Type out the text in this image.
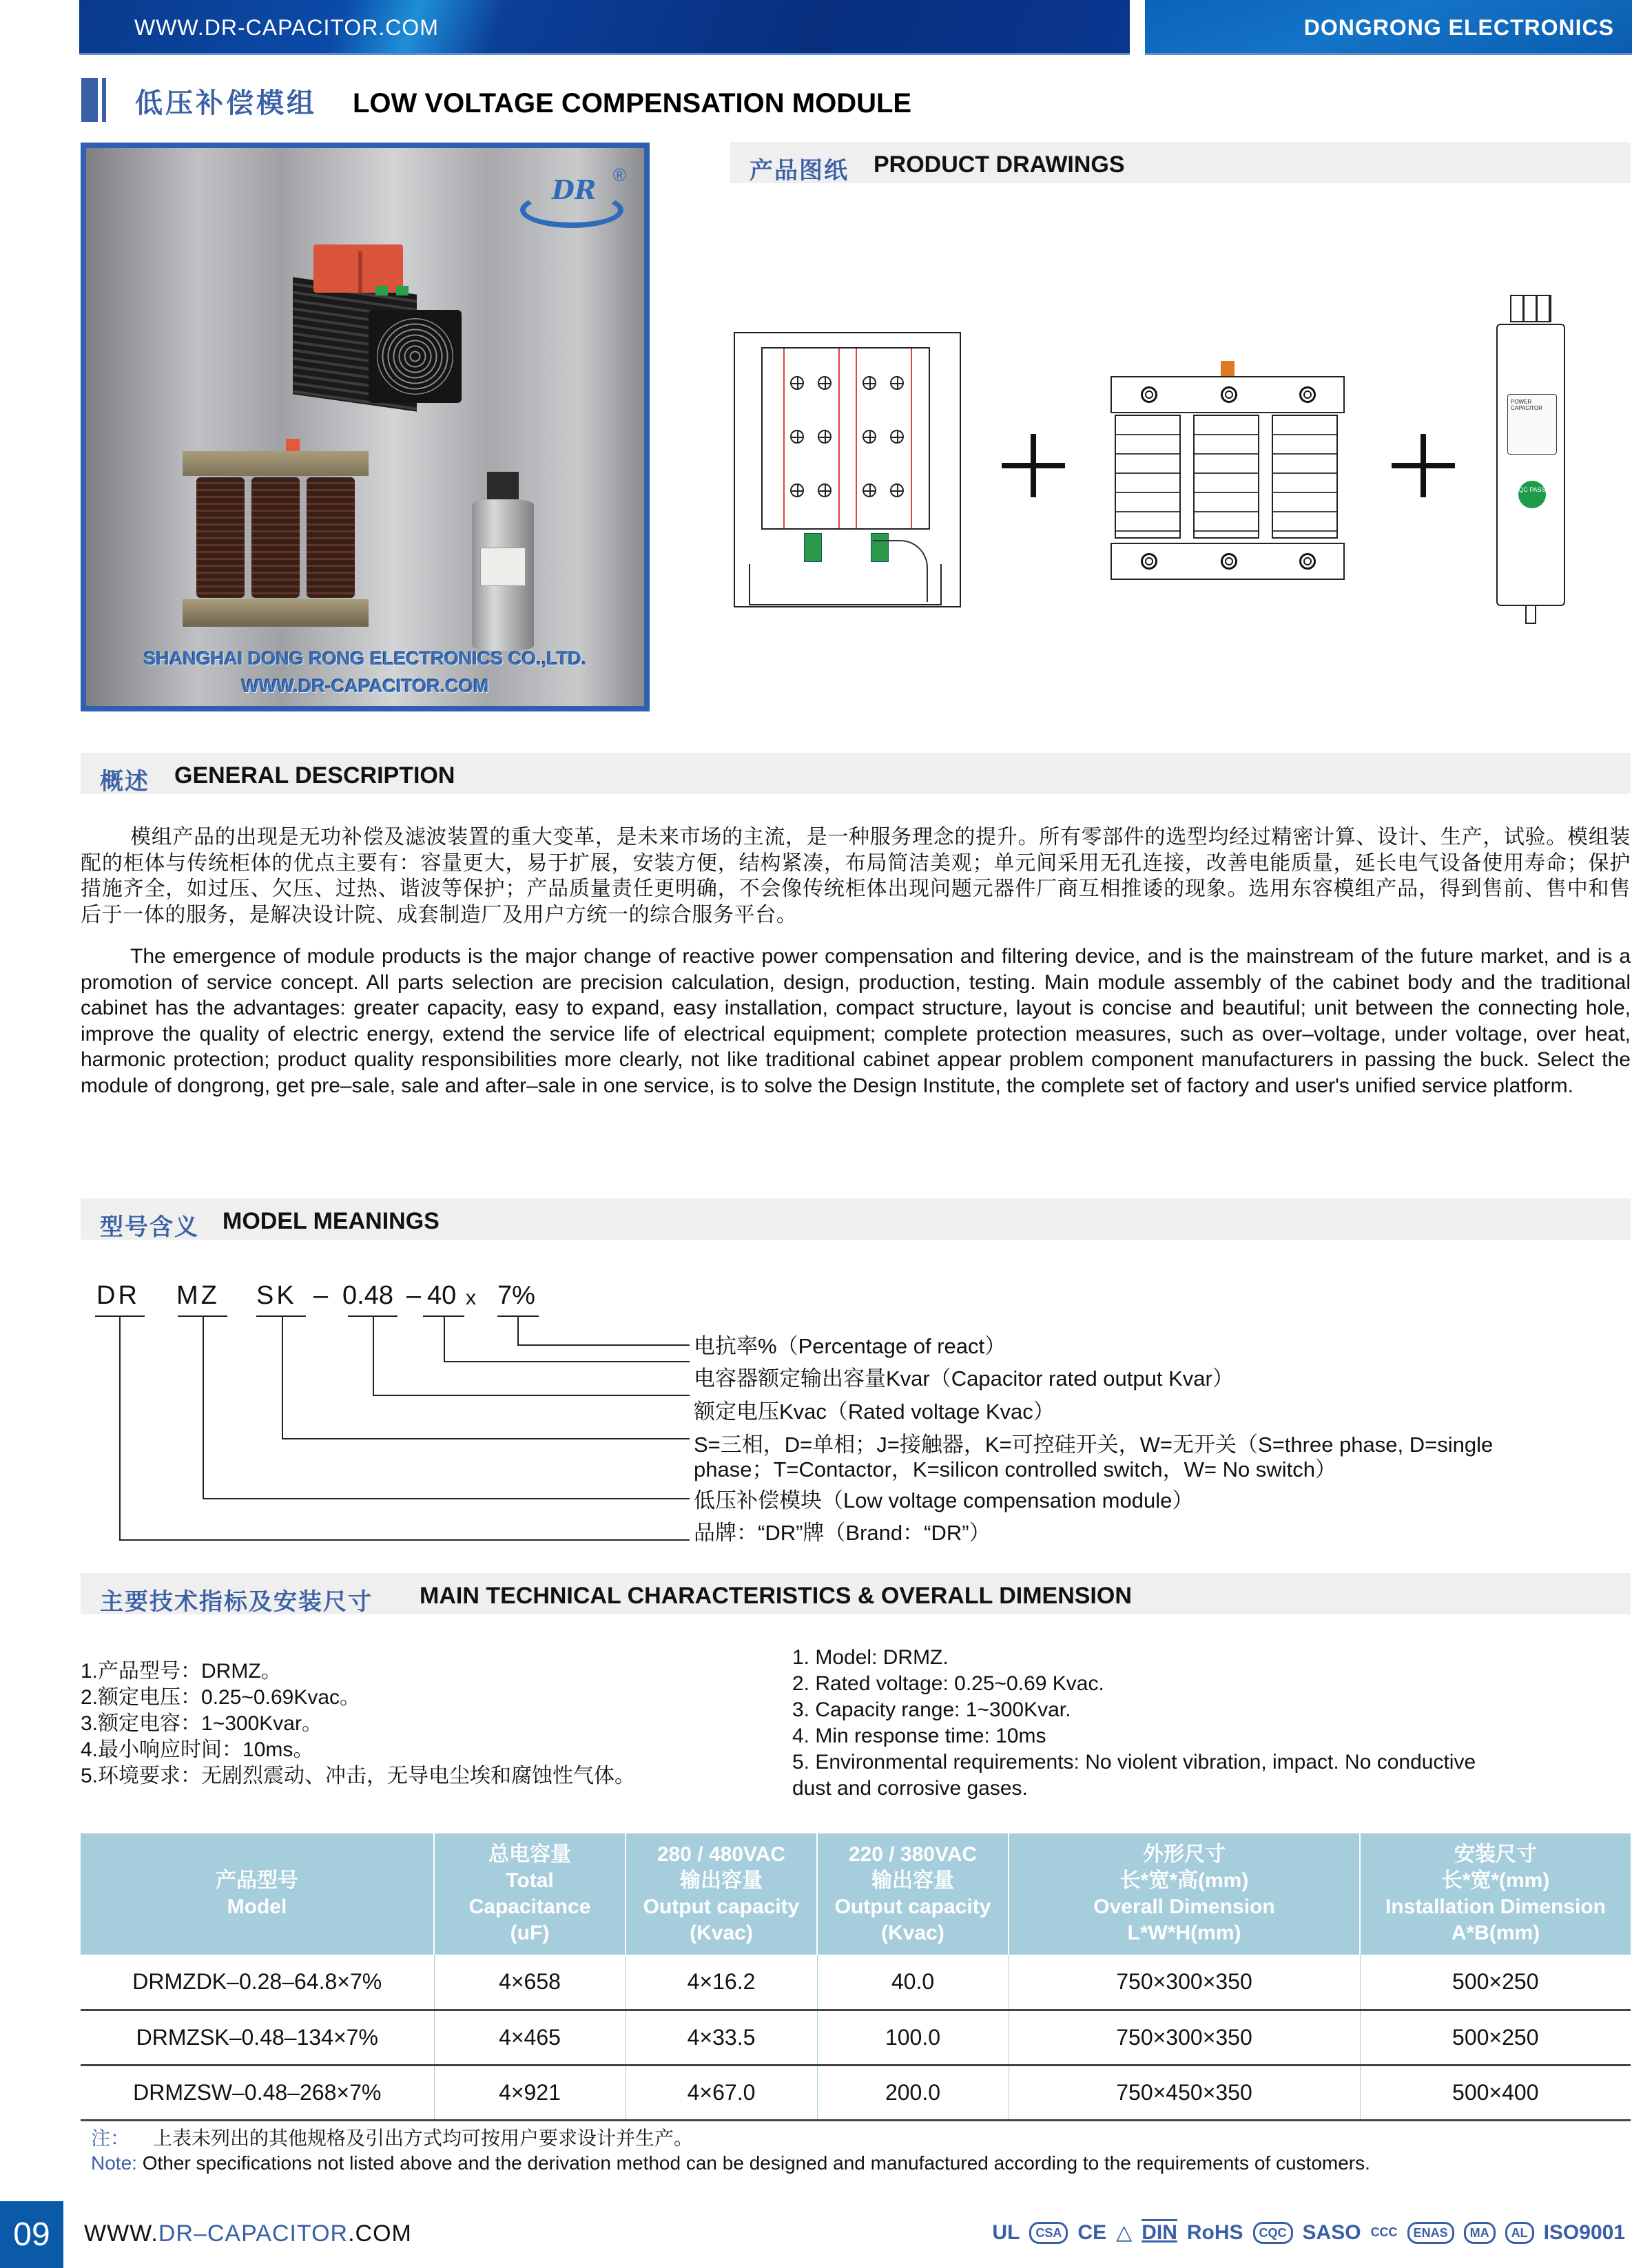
WWW.DR-CAPACITOR.COM	DONGRONG ELECTRONICS
低压补偿模组 LOW VOLTAGE COMPENSATION MODULE
DR ®
SHANGHAI DONG RONG ELECTRONICS CO.,LTD.
WWW.DR-CAPACITOR.COM
产品图纸 PRODUCT DRAWINGS
POWER CAPACITOR
QC PASS
概述 GENERAL DESCRIPTION
模组产品的出现是无功补偿及滤波装置的重大变革，是未来市场的主流，是一种服务理念的提升。所有零部件的选型均经过精密计算、设计、生产，试验。模组装配的柜体与传统柜体的优点主要有：容量更大，易于扩展，安装方便，结构紧凑，布局简洁美观；单元间采用无孔连接，改善电能质量，延长电气设备使用寿命；保护措施齐全，如过压、欠压、过热、谐波等保护；产品质量责任更明确，不会像传统柜体出现问题元器件厂商互相推诿的现象。选用东容模组产品，得到售前、售中和售后于一体的服务，是解决设计院、成套制造厂及用户方统一的综合服务平台。
The emergence of module products is the major change of reactive power compensation and filtering device, and is the mainstream of the future market, and is a promotion of service concept. All parts selection are precision calculation, design, production, testing. Main module assembly of the cabinet body and the traditional cabinet has the advantages: greater capacity, easy to expand, easy installation, compact structure, layout is concise and beautiful; unit between the connecting hole, improve the quality of electric energy, extend the service life of electrical equipment; complete protection measures, such as over–voltage, under voltage, over heat, harmonic protection; product quality responsibilities more clearly, not like traditional cabinet appear problem component manufacturers in passing the buck. Select the module of dongrong, get pre–sale, sale and after–sale in one service, is to solve the Design Institute, the complete set of factory and user's unified service platform.
型号含义 MODEL MEANINGS
DR MZ SK – 0.48 – 40 x 7%
电抗率%（Percentage of react）
电容器额定输出容量Kvar（Capacitor rated output Kvar）
额定电压Kvac（Rated voltage Kvac）
S=三相，D=单相；J=接触器，K=可控硅开关，W=无开关（S=three phase, D=single
phase；T=Contactor，K=silicon controlled switch，W= No switch）
低压补偿模块（Low voltage compensation module）
品牌：“DR”牌（Brand：“DR”）
主要技术指标及安装尺寸 MAIN TECHNICAL CHARACTERISTICS & OVERALL DIMENSION
1.产品型号：DRMZ。
2.额定电压：0.25~0.69Kvac。
3.额定电容：1~300Kvar。
4.最小响应时间：10ms。
5.环境要求：无剧烈震动、冲击，无导电尘埃和腐蚀性气体。
1. Model: DRMZ.
2. Rated voltage: 0.25~0.69 Kvac.
3. Capacity range: 1~300Kvar.
4. Min response time: 10ms
5. Environmental requirements: No violent vibration, impact. No conductive
dust and corrosive gases.
产品型号
Model

总电容量
Total
Capacitance
(uF)

280 / 480VAC
输出容量
Output capacity
(Kvac)

220 / 380VAC
输出容量
Output capacity
(Kvac)

外形尺寸
长*宽*高(mm)
Overall Dimension
L*W*H(mm)

安装尺寸
长*宽*(mm)
Installation Dimension
A*B(mm)

DRMZDK–0.28–64.8×7%	4×658	4×16.2	40.0	750×300×350	500×250
DRMZSK–0.48–134×7%	4×465	4×33.5	100.0	750×300×350	500×250
DRMZSW–0.48–268×7%	4×921	4×67.0	200.0	750×450×350	500×400
注： 上表未列出的其他规格及引出方式均可按用户要求设计并生产。
Note: Other specifications not listed above and the derivation method can be designed and manufactured according to the requirements of customers.
09	WWW.DR–CAPACITOR.COM	UL	CSA CE △ DIN RoHS	CQC SASO CCC	ENAS	MA	AL ISO9001
